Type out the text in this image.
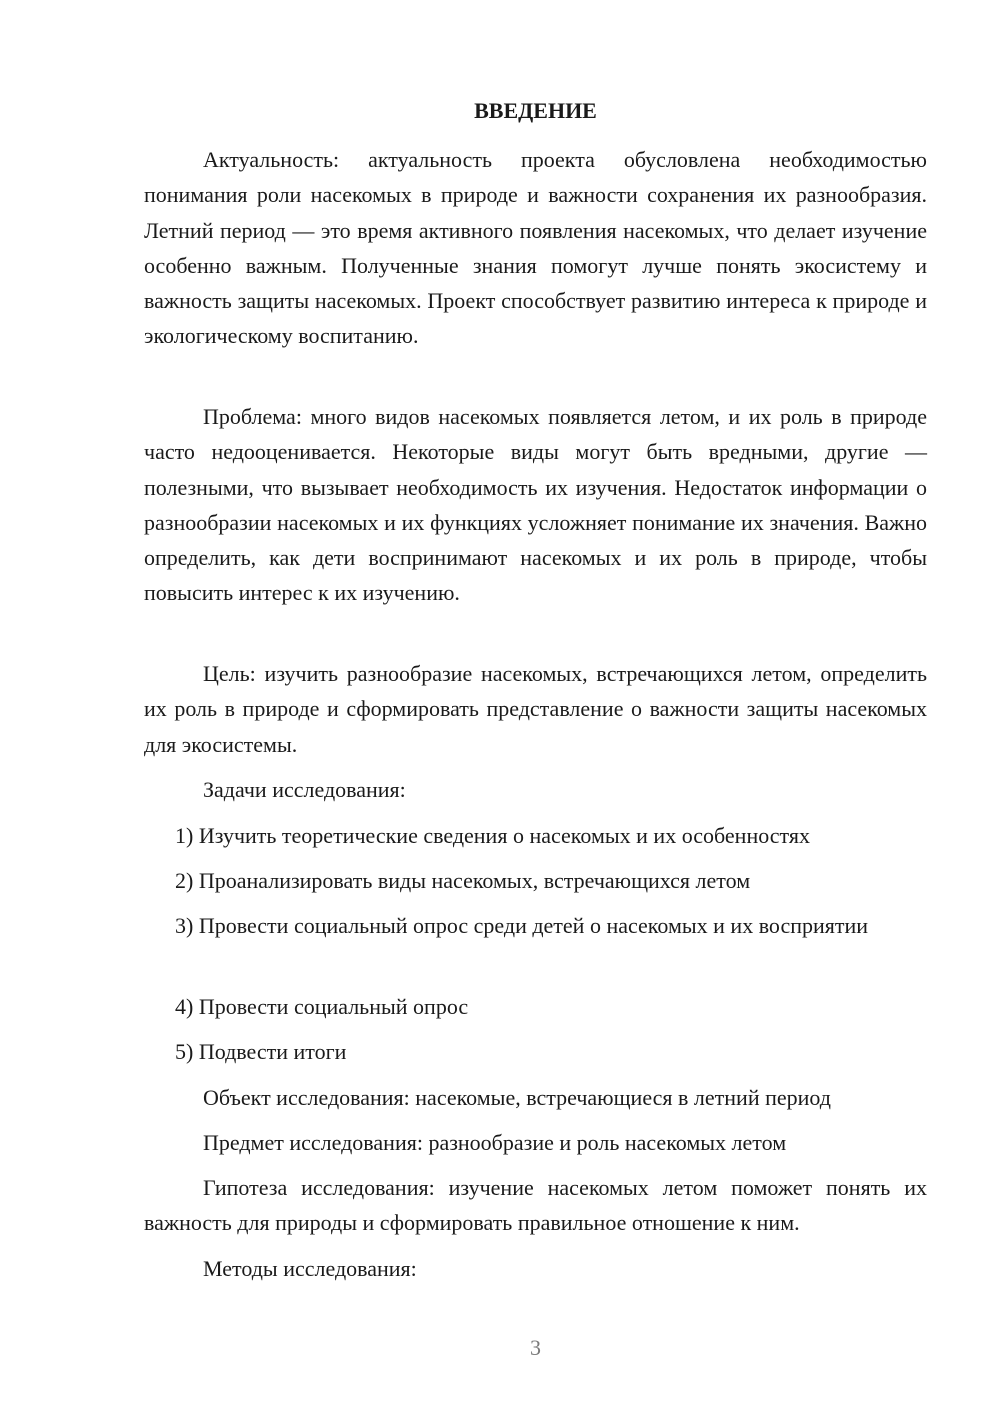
ВВЕДЕНИЕ

Актуальность: актуальность проекта обусловлена необходимостью понимания роли насекомых в природе и важности сохранения их разнообразия. Летний период — это время активного появления насекомых, что делает изучение особенно важным. Полученные знания помогут лучше понять экосистему и важность защиты насекомых. Проект способствует развитию интереса к природе и экологическому воспитанию.

Проблема: много видов насекомых появляется летом, и их роль в природе часто недооценивается. Некоторые виды могут быть вредными, другие — полезными, что вызывает необходимость их изучения. Недостаток информации о разнообразии насекомых и их функциях усложняет понимание их значения. Важно определить, как дети воспринимают насекомых и их роль в природе, чтобы повысить интерес к их изучению.

Цель: изучить разнообразие насекомых, встречающихся летом, определить их роль в природе и сформировать представление о важности защиты насекомых для экосистемы.

Задачи исследования:

1) Изучить теоретические сведения о насекомых и их особенностях

2) Проанализировать виды насекомых, встречающихся летом

3) Провести социальный опрос среди детей о насекомых и их восприятии

4) Провести социальный опрос

5) Подвести итоги

Объект исследования: насекомые, встречающиеся в летний период

Предмет исследования: разнообразие и роль насекомых летом

Гипотеза исследования: изучение насекомых летом поможет понять их важность для природы и сформировать правильное отношение к ним.

Методы исследования:

3
